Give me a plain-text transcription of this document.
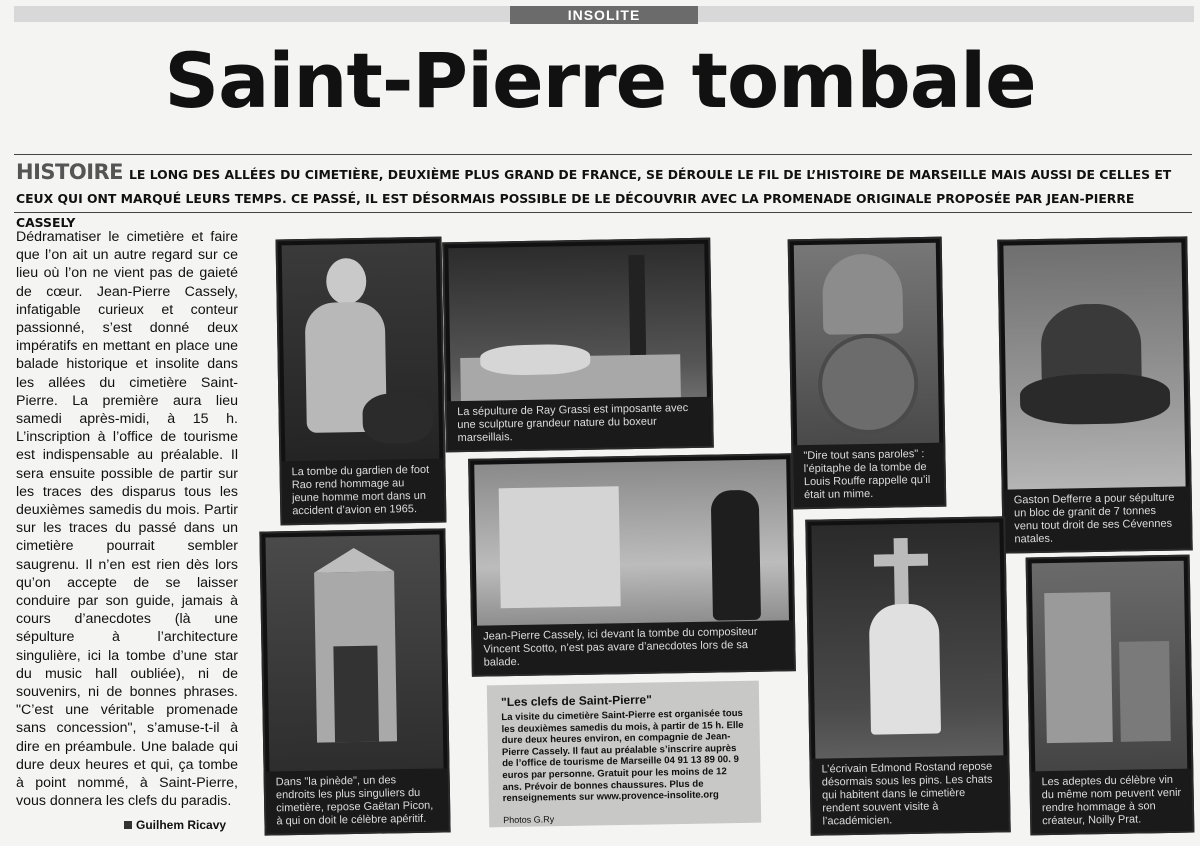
INSOLITE
Saint-Pierre tombale
HISTOIRE LE LONG DES ALLÉES DU CIMETIÈRE, DEUXIÈME PLUS GRAND DE FRANCE, SE DÉROULE LE FIL DE L’HISTOIRE DE MARSEILLE MAIS AUSSI DE CELLES ET CEUX QUI ONT MARQUÉ LEURS TEMPS. CE PASSÉ, IL EST DÉSORMAIS POSSIBLE DE LE DÉCOUVRIR AVEC LA PROMENADE ORIGINALE PROPOSÉE PAR JEAN-PIERRE CASSELY
Dédramatiser le cimetière et faire que l’on ait un autre regard sur ce lieu où l’on ne vient pas de gaieté de cœur. Jean-Pierre Cassely, infatigable curieux et conteur passionné, s’est donné deux impératifs en mettant en place une balade historique et insolite dans les allées du cimetière Saint-Pierre. La première aura lieu samedi après-midi, à 15 h. L’inscription à l’office de tourisme est indispensable au préalable. Il sera ensuite possible de partir sur les traces des disparus tous les deuxièmes samedis du mois. Partir sur les traces du passé dans un cimetière pourrait sembler saugrenu. Il n’en est rien dès lors qu’on accepte de se laisser conduire par son guide, jamais à cours d’anecdotes (là une sépulture à l’architecture singulière, ici la tombe d’une star du music hall oubliée), ni de souvenirs, ni de bonnes phrases. "C’est une véritable promenade sans concession", s’amuse-t-il à dire en préambule. Une balade qui dure deux heures et qui, ça tombe à point nommé, à Saint-Pierre, vous donnera les clefs du paradis.
Guilhem Ricavy
La tombe du gardien de foot Rao rend hommage au jeune homme mort dans un accident d’avion en 1965.
La sépulture de Ray Grassi est imposante avec une sculpture grandeur nature du boxeur marseillais.
"Dire tout sans paroles" : l’épitaphe de la tombe de Louis Rouffe rappelle qu’il était un mime.	Gaston Defferre a pour sépulture un bloc de granit de 7 tonnes venu tout droit de ses Cévennes natales.
Dans "la pinède", un des endroits les plus singuliers du cimetière, repose Gaëtan Picon, à qui on doit le célèbre apéritif.
Jean-Pierre Cassely, ici devant la tombe du compositeur Vincent Scotto, n’est pas avare d’anecdotes lors de sa balade.
L’écrivain Edmond Rostand repose désormais sous les pins. Les chats qui habitent dans le cimetière rendent souvent visite à l’académicien.
Les adeptes du célèbre vin du même nom peuvent venir rendre hommage à son créateur, Noilly Prat.
"Les clefs de Saint-Pierre"
La visite du cimetière Saint-Pierre est organisée tous les deuxièmes samedis du mois, à partir de 15 h. Elle dure deux heures environ, en compagnie de Jean-Pierre Cassely. Il faut au préalable s’inscrire auprès de l’office de tourisme de Marseille 04 91 13 89 00. 9 euros par personne. Gratuit pour les moins de 12 ans. Prévoir de bonnes chaussures. Plus de renseignements sur www.provence-insolite.org
Photos G.Ry
